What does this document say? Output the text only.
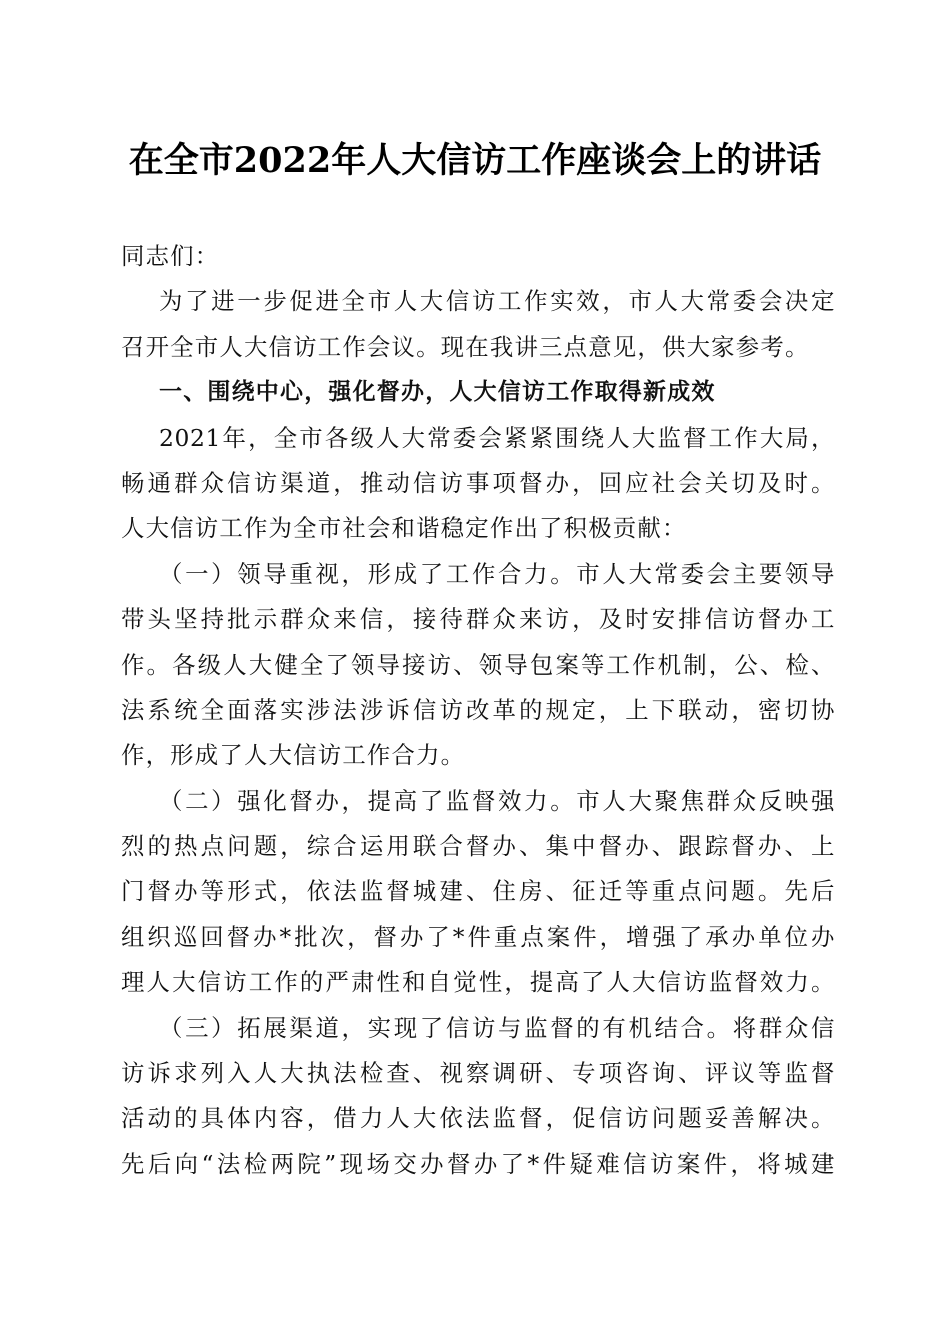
在全市2022年人大信访工作座谈会上的讲话
同志们：
为了进一步促进全市人大信访工作实效，市人大常委会决定
召开全市人大信访工作会议。现在我讲三点意见，供大家参考。
一、围绕中心，强化督办，人大信访工作取得新成效
2021年，全市各级人大常委会紧紧围绕人大监督工作大局，
畅通群众信访渠道，推动信访事项督办，回应社会关切及时。
人大信访工作为全市社会和谐稳定作出了积极贡献：
（一）领导重视，形成了工作合力。市人大常委会主要领导
带头坚持批示群众来信，接待群众来访，及时安排信访督办工
作。各级人大健全了领导接访、领导包案等工作机制，公、检、
法系统全面落实涉法涉诉信访改革的规定，上下联动，密切协
作，形成了人大信访工作合力。
（二）强化督办，提高了监督效力。市人大聚焦群众反映强
烈的热点问题，综合运用联合督办、集中督办、跟踪督办、上
门督办等形式，依法监督城建、住房、征迁等重点问题。先后
组织巡回督办*批次，督办了*件重点案件，增强了承办单位办
理人大信访工作的严肃性和自觉性，提高了人大信访监督效力。
（三）拓展渠道，实现了信访与监督的有机结合。将群众信
访诉求列入人大执法检查、视察调研、专项咨询、评议等监督
活动的具体内容，借力人大依法监督，促信访问题妥善解决。
先后向“法检两院”现场交办督办了*件疑难信访案件，将城建
